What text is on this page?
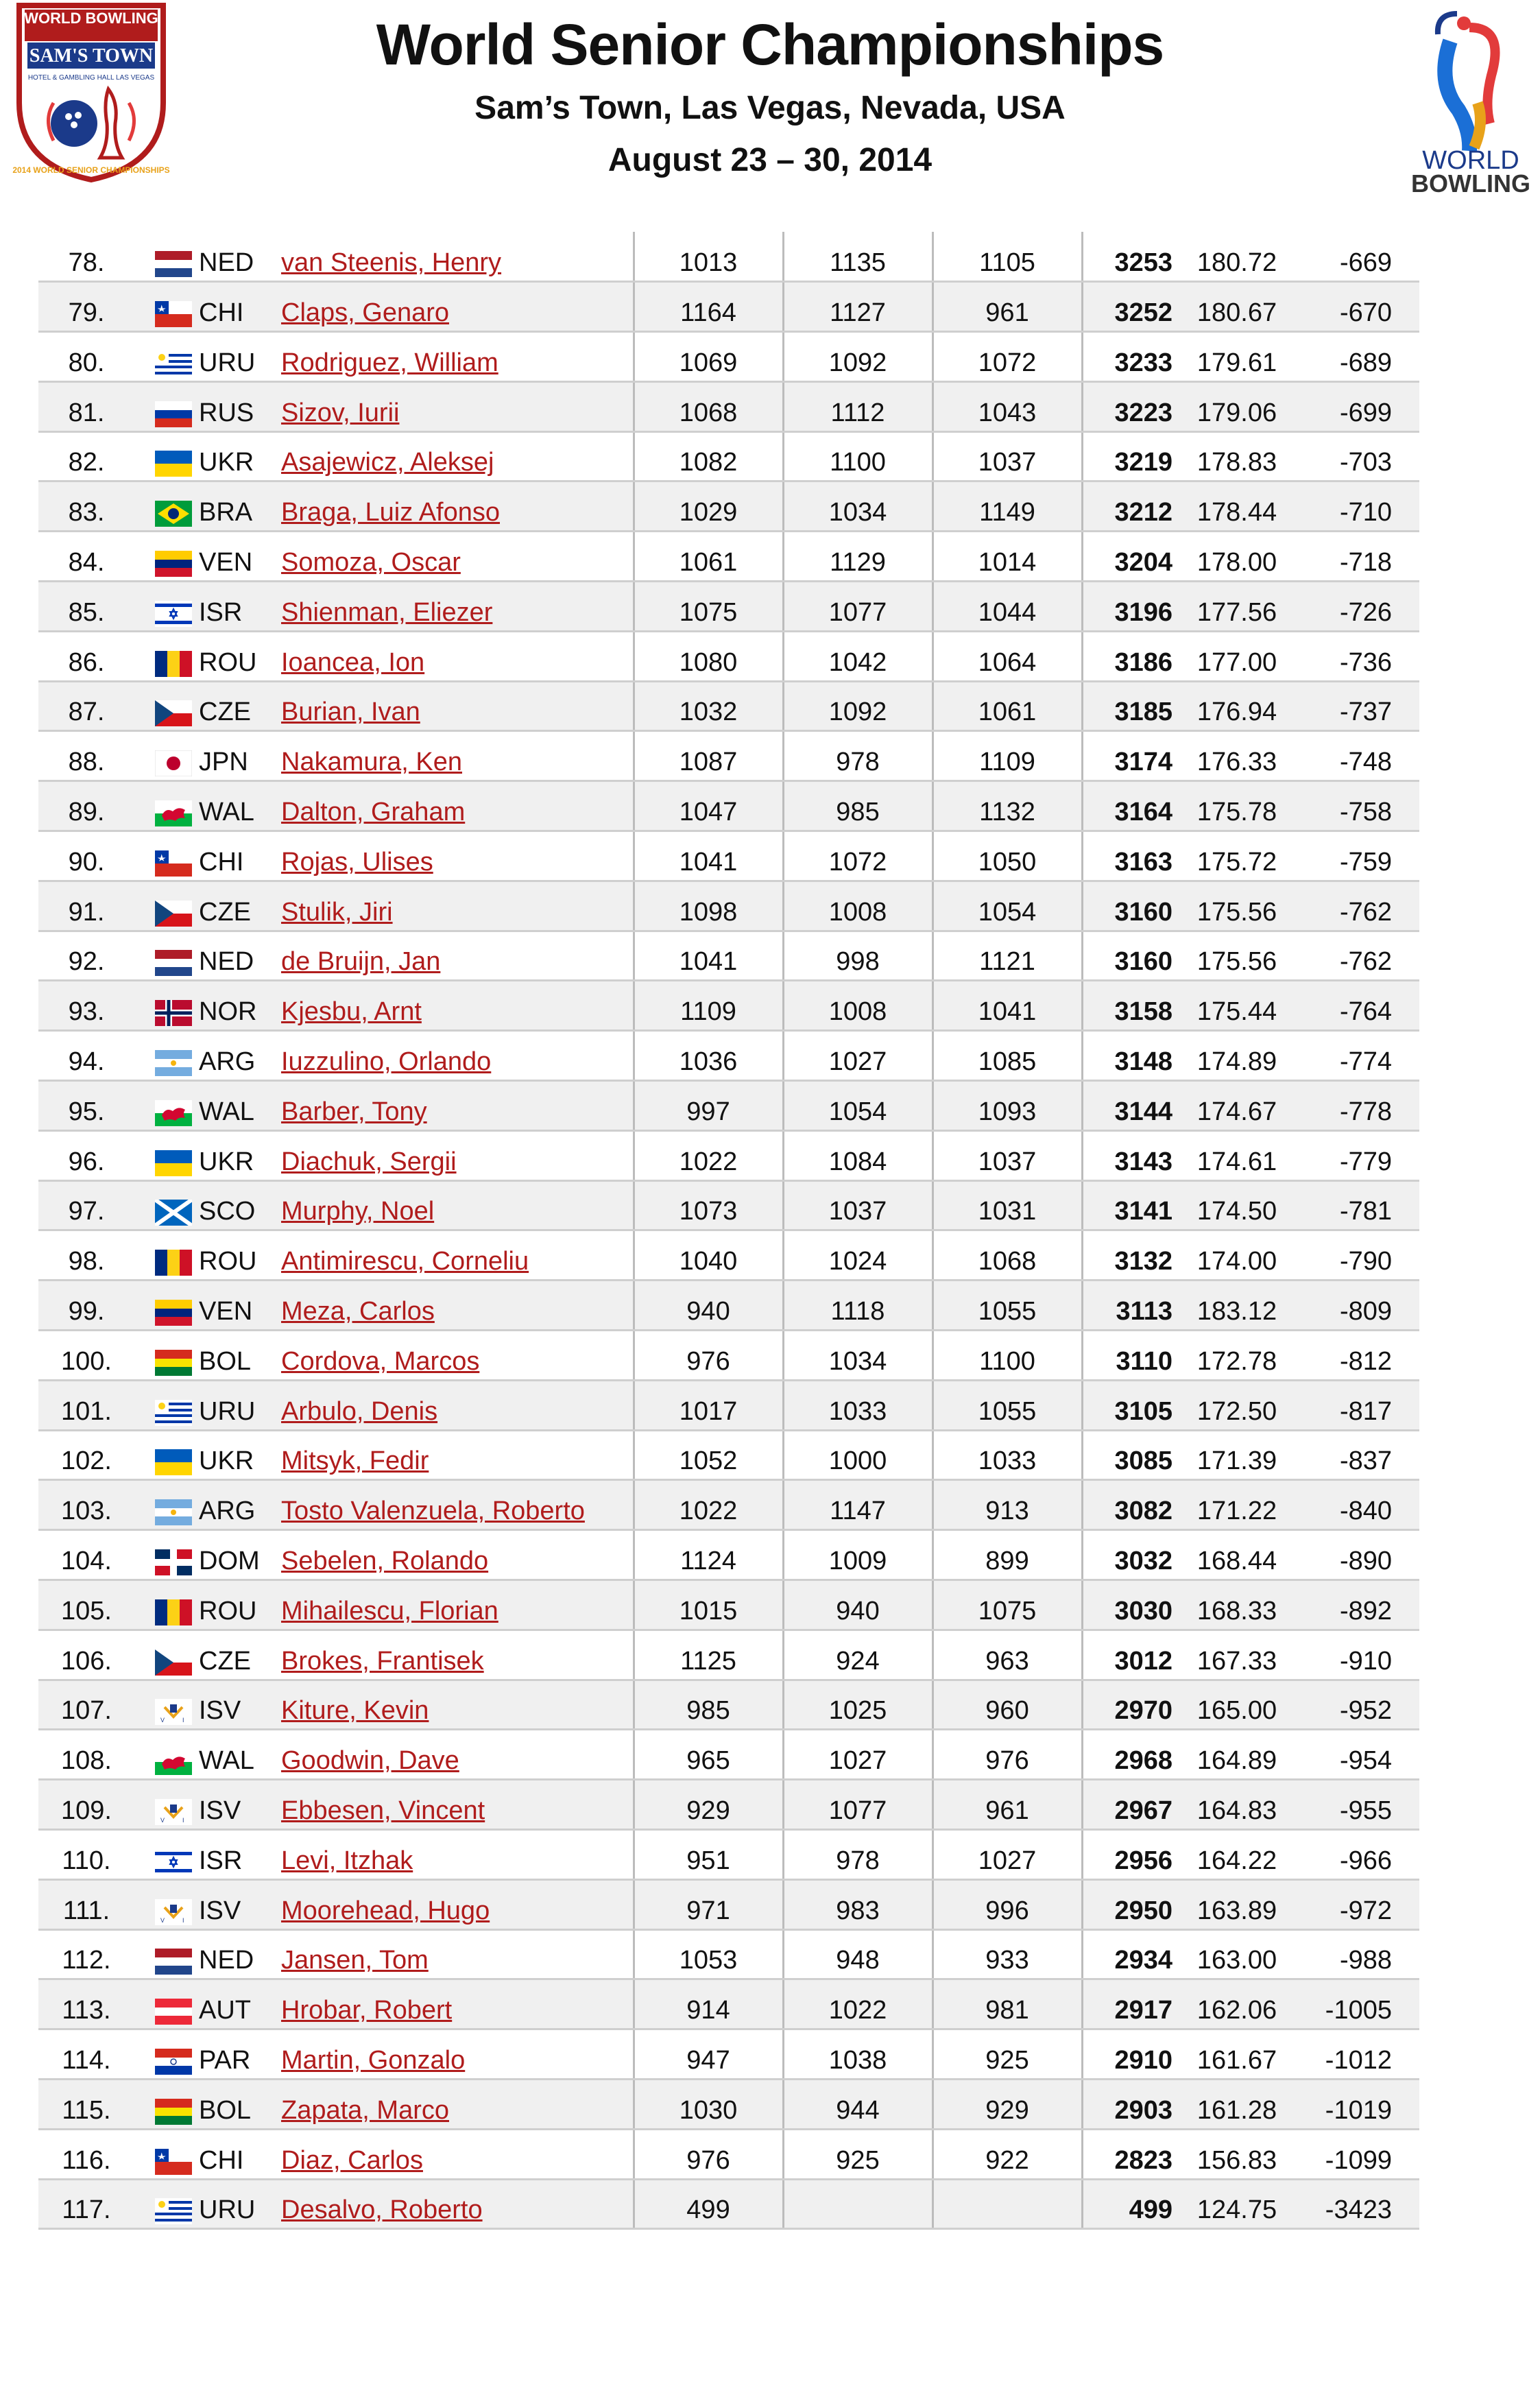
WORLD BOWLING
SAM'S TOWN
HOTEL & GAMBLING HALL LAS VEGAS
2014 WORLD SENIOR CHAMPIONSHIPS
World Senior Championships
Sam’s Town, Las Vegas, Nevada, USA
August 23 – 30, 2014	WORLD
BOWLING
78.		NED	van Steenis, Henry	1013	1135	1105	3253	180.72	-669
79.		CHI	Claps, Genaro	1164	1127	961	3252	180.67	-670
80.		URU	Rodriguez, William	1069	1092	1072	3233	179.61	-689
81.		RUS	Sizov, Iurii	1068	1112	1043	3223	179.06	-699
82.		UKR	Asajewicz, Aleksej	1082	1100	1037	3219	178.83	-703
83.		BRA	Braga, Luiz Afonso	1029	1034	1149	3212	178.44	-710
84.		VEN	Somoza, Oscar	1061	1129	1014	3204	178.00	-718
85.		ISR	Shienman, Eliezer	1075	1077	1044	3196	177.56	-726
86.		ROU	Ioancea, Ion	1080	1042	1064	3186	177.00	-736
87.		CZE	Burian, Ivan	1032	1092	1061	3185	176.94	-737
88.		JPN	Nakamura, Ken	1087	978	1109	3174	176.33	-748
89.		WAL	Dalton, Graham	1047	985	1132	3164	175.78	-758
90.		CHI	Rojas, Ulises	1041	1072	1050	3163	175.72	-759
91.		CZE	Stulik, Jiri	1098	1008	1054	3160	175.56	-762
92.		NED	de Bruijn, Jan	1041	998	1121	3160	175.56	-762
93.		NOR	Kjesbu, Arnt	1109	1008	1041	3158	175.44	-764
94.		ARG	Iuzzulino, Orlando	1036	1027	1085	3148	174.89	-774
95.		WAL	Barber, Tony	997	1054	1093	3144	174.67	-778
96.		UKR	Diachuk, Sergii	1022	1084	1037	3143	174.61	-779
97.		SCO	Murphy, Noel	1073	1037	1031	3141	174.50	-781
98.		ROU	Antimirescu, Corneliu	1040	1024	1068	3132	174.00	-790
99.		VEN	Meza, Carlos	940	1118	1055	3113	183.12	-809
100.		BOL	Cordova, Marcos	976	1034	1100	3110	172.78	-812
101.		URU	Arbulo, Denis	1017	1033	1055	3105	172.50	-817
102.		UKR	Mitsyk, Fedir	1052	1000	1033	3085	171.39	-837
103.		ARG	Tosto Valenzuela, Roberto	1022	1147	913	3082	171.22	-840
104.		DOM	Sebelen, Rolando	1124	1009	899	3032	168.44	-890
105.		ROU	Mihailescu, Florian	1015	940	1075	3030	168.33	-892
106.		CZE	Brokes, Frantisek	1125	924	963	3012	167.33	-910
107.	V I	ISV	Kiture, Kevin	985	1025	960	2970	165.00	-952
108.		WAL	Goodwin, Dave	965	1027	976	2968	164.89	-954
109.	V I	ISV	Ebbesen, Vincent	929	1077	961	2967	164.83	-955
110.		ISR	Levi, Itzhak	951	978	1027	2956	164.22	-966
111.	V I	ISV	Moorehead, Hugo	971	983	996	2950	163.89	-972
112.		NED	Jansen, Tom	1053	948	933	2934	163.00	-988
113.		AUT	Hrobar, Robert	914	1022	981	2917	162.06	-1005
114.		PAR	Martin, Gonzalo	947	1038	925	2910	161.67	-1012
115.		BOL	Zapata, Marco	1030	944	929	2903	161.28	-1019
116.		CHI	Diaz, Carlos	976	925	922	2823	156.83	-1099
117.		URU	Desalvo, Roberto	499			499	124.75	-3423
